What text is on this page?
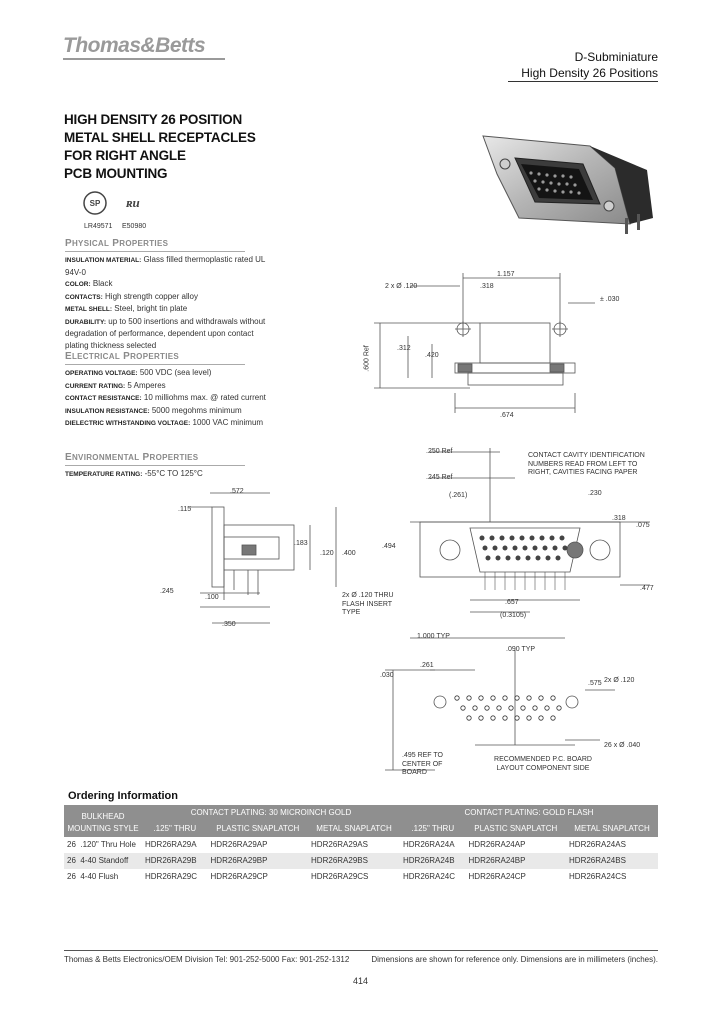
Thomas&Betts	D-Subminiature
High Density 26 Positions
HIGH DENSITY 26 POSITION
METAL SHELL RECEPTACLES
FOR RIGHT ANGLE
PCB MOUNTING
SP ʀu
LR49571 E50980
PHYSICAL PROPERTIES
INSULATION MATERIAL: Glass filled thermoplastic rated UL 94V-0
COLOR: Black
CONTACTS: High strength copper alloy
METAL SHELL: Steel, bright tin plate
DURABILITY: up to 500 insertions and withdrawals without degradation of performance, dependent upon contact plating thickness selected
ELECTRICAL PROPERTIES
OPERATING VOLTAGE: 500 VDC (sea level)
CURRENT RATING: 5 Amperes
CONTACT RESISTANCE: 10 milliohms max. @ rated current
INSULATION RESISTANCE: 5000 megohms minimum
DIELECTRIC WITHSTANDING VOLTAGE: 1000 VAC minimum
ENVIRONMENTAL PROPERTIES
TEMPERATURE RATING: -55°C TO 125°C
1.157
2 x Ø .120	.318
± .030
.600 Ref	.312
.420
.674
.572
.115
.183
.120 .400
.494
.245
.100
.350
.250 Ref
.245 Ref
(.261)	.230
CONTACT CAVITY IDENTIFICATION NUMBERS READ FROM LEFT TO RIGHT, CAVITIES FACING PAPER
.318
.075
.477
2x Ø .120 THRU FLASH INSERT TYPE
.657
(0.3105)
1.000 TYP
.090 TYP
.261
.030
2x Ø .120
.575
26 x Ø .040
.495 REF TO CENTER OF BOARD
RECOMMENDED P.C. BOARD LAYOUT COMPONENT SIDE
Ordering Information
BULKHEAD MOUNTING STYLE	CONTACT PLATING: 30 MICROINCH GOLD			CONTACT PLATING: GOLD FLASH		
	.125" THRU	PLASTIC SNAPLATCH	METAL SNAPLATCH	.125" THRU	PLASTIC SNAPLATCH	METAL SNAPLATCH
26 .120" Thru Hole	HDR26RA29A	HDR26RA29AP	HDR26RA29AS	HDR26RA24A	HDR26RA24AP	HDR26RA24AS
26 4-40 Standoff	HDR26RA29B	HDR26RA29BP	HDR26RA29BS	HDR26RA24B	HDR26RA24BP	HDR26RA24BS
26 4-40 Flush	HDR26RA29C	HDR26RA29CP	HDR26RA29CS	HDR26RA24C	HDR26RA24CP	HDR26RA24CS
Thomas & Betts Electronics/OEM Division Tel: 901-252-5000 Fax: 901-252-1312	Dimensions are shown for reference only. Dimensions are in millimeters (inches).
414
